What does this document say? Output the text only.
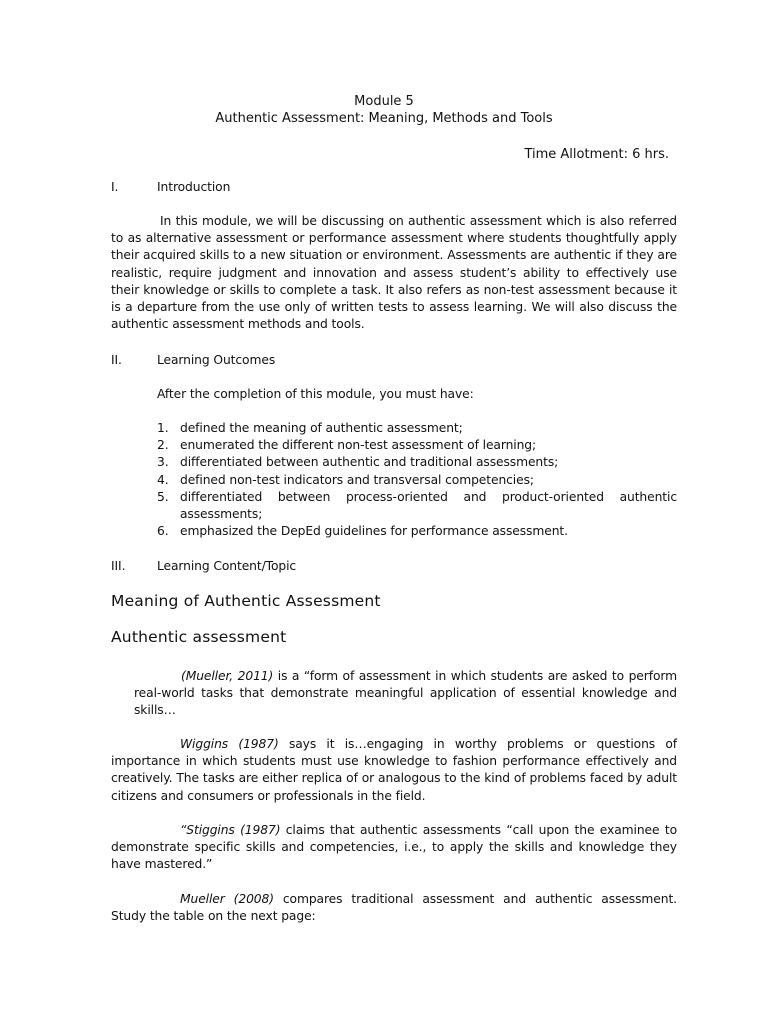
Module 5
Authentic Assessment: Meaning, Methods and Tools
Time Allotment: 6 hrs.
I.	Introduction
In this module, we will be discussing on authentic assessment which is also referred to as alternative assessment or performance assessment where students thoughtfully apply their acquired skills to a new situation or environment. Assessments are authentic if they are realistic, require judgment and innovation and assess student’s ability to effectively use their knowledge or skills to complete a task. It also refers as non-test assessment because it is a departure from the use only of written tests to assess learning. We will also discuss the authentic assessment methods and tools.
II.	Learning Outcomes
After the completion of this module, you must have:
1. defined the meaning of authentic assessment;
2. enumerated the different non-test assessment of learning;
3. differentiated between authentic and traditional assessments;
4. defined non-test indicators and transversal competencies;
5. differentiated between process-oriented and product-oriented authentic assessments;
6. emphasized the DepEd guidelines for performance assessment.
III.	Learning Content/Topic
Meaning of Authentic Assessment
Authentic assessment
(Mueller, 2011) is a “form of assessment in which students are asked to perform real-world tasks that demonstrate meaningful application of essential knowledge and skills…
Wiggins (1987) says it is…engaging in worthy problems or questions of importance in which students must use knowledge to fashion performance effectively and creatively. The tasks are either replica of or analogous to the kind of problems faced by adult citizens and consumers or professionals in the field.
“Stiggins (1987) claims that authentic assessments “call upon the examinee to demonstrate specific skills and competencies, i.e., to apply the skills and knowledge they have mastered.”
Mueller (2008) compares traditional assessment and authentic assessment. Study the table on the next page:
